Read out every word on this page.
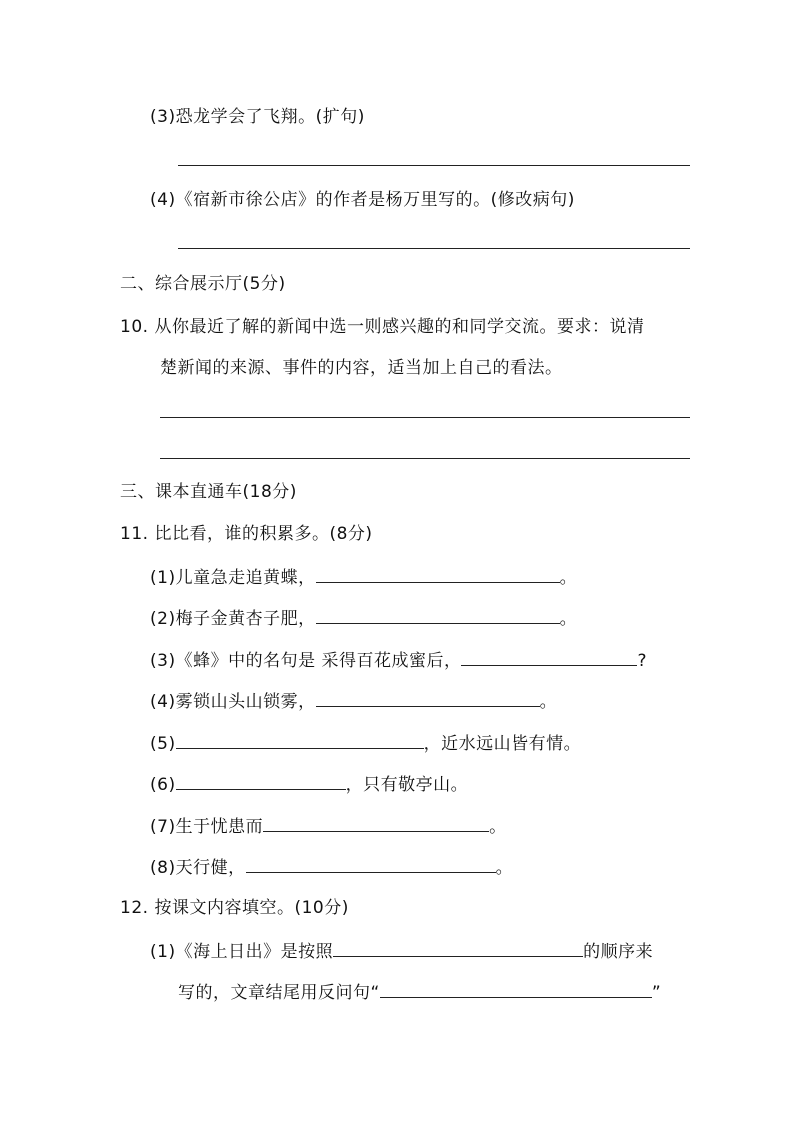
(3)恐龙学会了飞翔。(扩句)
(4)《宿新市徐公店》的作者是杨万里写的。(修改病句)
二、综合展示厅(5分)
10. 从你最近了解的新闻中选一则感兴趣的和同学交流。要求：说清
楚新闻的来源、事件的内容，适当加上自己的看法。
三、课本直通车(18分)
11. 比比看，谁的积累多。(8分)
(1)儿童急走追黄蝶，	。
(2)梅子金黄杏子肥，	。
(3)《蜂》中的名句是 采得百花成蜜后，	?
(4)雾锁山头山锁雾，	。
(5)	，近水远山皆有情。
(6)	，只有敬亭山。
(7)生于忧患而	。
(8)天行健，	。
12. 按课文内容填空。(10分)
(1)《海上日出》是按照	的顺序来
写的，文章结尾用反问句“	”
